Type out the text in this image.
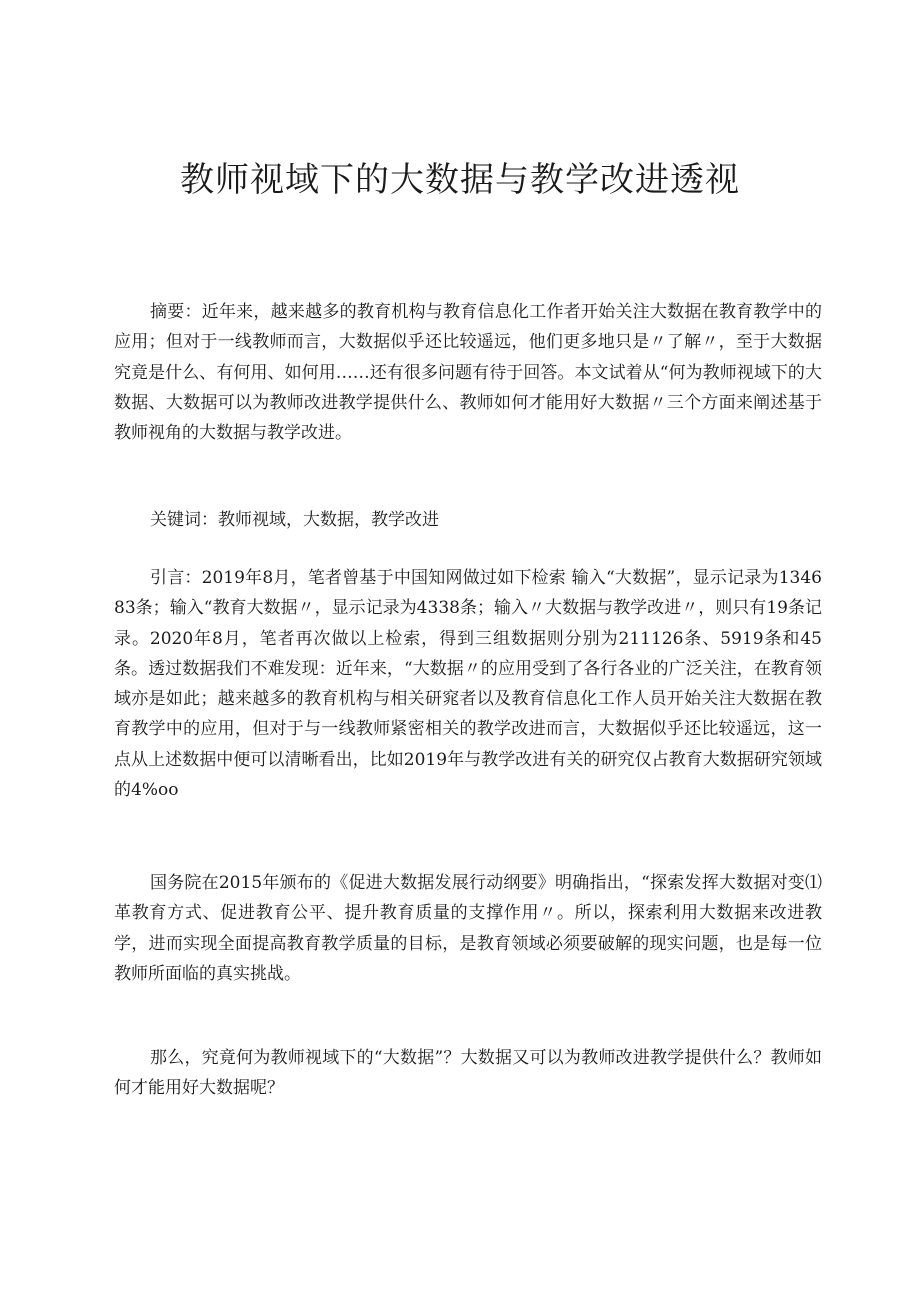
教师视域下的大数据与教学改进透视

摘要：近年来，越来越多的教育机构与教育信息化工作者开始关注大数据在教育教学中的应用；但对于一线教师而言，大数据似乎还比较遥远，他们更多地只是〃了解〃，至于大数据究竟是什么、有何用、如何用……还有很多问题有待于回答。本文试着从“何为教师视域下的大数据、大数据可以为教师改进教学提供什么、教师如何才能用好大数据〃三个方面来阐述基于教师视角的大数据与教学改进。

关键词：教师视域，大数据，教学改进

引言：2019年8月，笔者曾基于中国知网做过如下检索 输入“大数据”，显示记录为134683条；输入“教育大数据〃，显示记录为4338条；输入〃大数据与教学改进〃，则只有19条记录。2020年8月，笔者再次做以上检索，得到三组数据则分别为211126条、5919条和45条。透过数据我们不难发现：近年来，“大数据〃的应用受到了各行各业的广泛关注，在教育领域亦是如此；越来越多的教育机构与相关研窕者以及教育信息化工作人员开始关注大数据在教育教学中的应用，但对于与一线教师紧密相关的教学改进而言，大数据似乎还比较遥远，这一点从上述数据中便可以清晰看出，比如2019年与教学改进有关的研究仅占教育大数据研究领域的4%oo

国务院在2015年颁布的《促进大数据发展行动纲要》明确指出，“探索发挥大数据对变⑴革教育方式、促进教育公平、提升教育质量的支撑作用〃。所以，探索利用大数据来改进教学，进而实现全面提高教育教学质量的目标，是教育领域必须要破解的现实问题，也是每一位教师所面临的真实挑战。

那么，究竟何为教师视域下的“大数据”？大数据又可以为教师改进教学提供什么？教师如何才能用好大数据呢？
